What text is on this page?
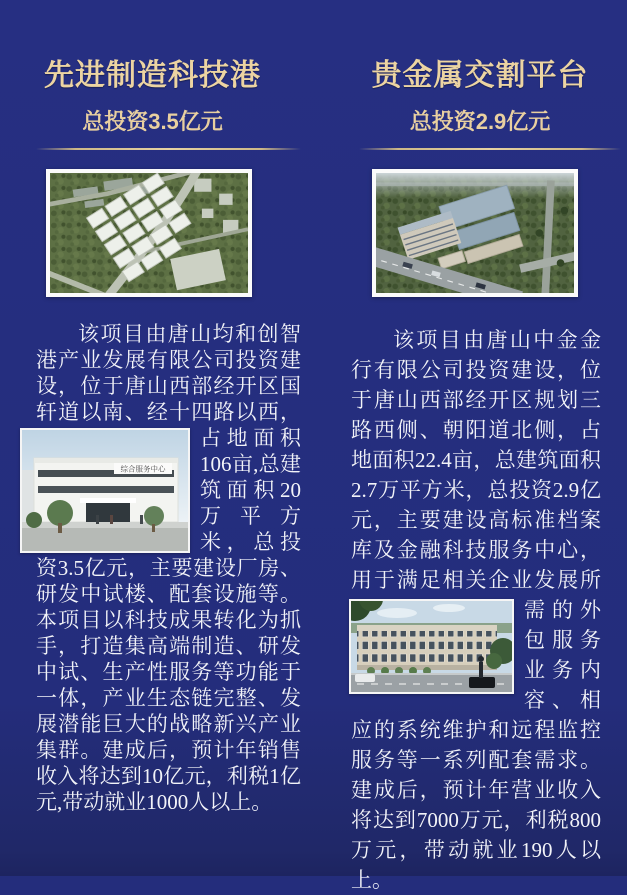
先进制造科技港
总投资3.5亿元

该项目由唐山均和创智港产业发展有限公司投资建设，位于唐山西部经开区国轩道以南、经十四路以西，
综合服务中心
占地面积106亩,总建筑面积20万平方米，总投资3.5亿元，主要建设厂房、研发中试楼、配套设施等。本项目以科技成果转化为抓手，打造集高端制造、研发中试、生产性服务等功能于一体，产业生态链完整、发展潜能巨大的战略新兴产业集群。建成后，预计年销售收入将达到10亿元，利税1亿元,带动就业1000人以上。

贵金属交割平台
总投资2.9亿元

该项目由唐山中金金行有限公司投资建设，位于唐山西部经开区规划三路西侧、朝阳道北侧，占地面积22.4亩，总建筑面积2.7万平方米，总投资2.9亿元，主要建设高标准档案库及金融科技服务中心，用于满足
相关企业发展所需的外包服务业务内容、相应的系统维护和远程监控服务等一系列配套需求。建成后，预计年营业收入将达到7000万元，利税800万元，带动就业190人以上。
